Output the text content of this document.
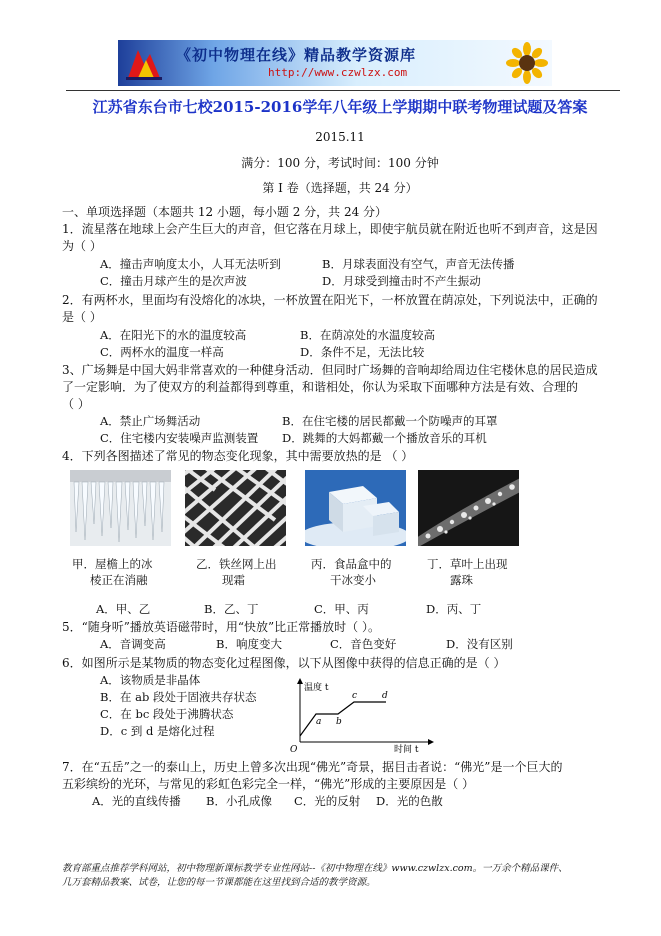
《初中物理在线》精品教学资源库
http://www.czwlzx.com
江苏省东台市七校2015-2016学年八年级上学期期中联考物理试题及答案
2015.11
满分：100 分，考试时间：100 分钟
第 I 卷（选择题，共 24 分）
一、单项选择题（本题共 12 小题，每小题 2 分，共 24 分）
1．流星落在地球上会产生巨大的声音，但它落在月球上，即使宇航员就在附近也听不到声音，这是因
为（ ）
A．撞击声响度太小，人耳无法听到	B．月球表面没有空气，声音无法传播
C．撞击月球产生的是次声波	D．月球受到撞击时不产生振动
2．有两杯水，里面均有没熔化的冰块，一杯放置在阳光下，一杯放置在荫凉处，下列说法中，正确的
是（ ）
A．在阳光下的水的温度较高	B．在荫凉处的水温度较高
C．两杯水的温度一样高	D．条件不足，无法比较
3、广场舞是中国大妈非常喜欢的一种健身活动．但同时广场舞的音响却给周边住宅楼休息的居民造成
了一定影响．为了使双方的利益都得到尊重，和谐相处，你认为采取下面哪种方法是有效、合理的
（ ）
A．禁止广场舞活动	B．在住宅楼的居民都戴一个防噪声的耳罩
C．住宅楼内安装噪声监测装置 D．跳舞的大妈都戴一个播放音乐的耳机
4．下列各图描述了常见的物态变化现象，其中需要放热的是 （ ）
甲．屋檐上的冰
棱正在消融
乙．铁丝网上出
现霜
丙．食品盒中的
干冰变小
丁．草叶上出现
露珠
A．甲、乙	B．乙、丁	C．甲、丙	D．丙、丁
5．“随身听”播放英语磁带时，用“快放”比正常播放时（ ）。
A．音调变高	B．响度变大	C．音色变好	D．没有区别
6．如图所示是某物质的物态变化过程图像，以下从图像中获得的信息正确的是（ ）
A．该物质是非晶体
B．在 ab 段处于固液共存状态
C．在 bc 段处于沸腾状态
D．c 到 d 是熔化过程
温度 t
时间 t
O
a b
c	d
7．在“五岳”之一的泰山上，历史上曾多次出现“佛光”奇景，据目击者说：“佛光”是一个巨大的
五彩缤纷的光环，与常见的彩虹色彩完全一样，“佛光”形成的主要原因是（ ）
A．光的直线传播 B．小孔成像 C．光的反射 D．光的色散
教育部重点推荐学科网站，初中物理新课标教学专业性网站--《初中物理在线》www.czwlzx.com。一万余个精品课件、
几万套精品教案、试卷，让您的每一节课都能在这里找到合适的教学资源。
